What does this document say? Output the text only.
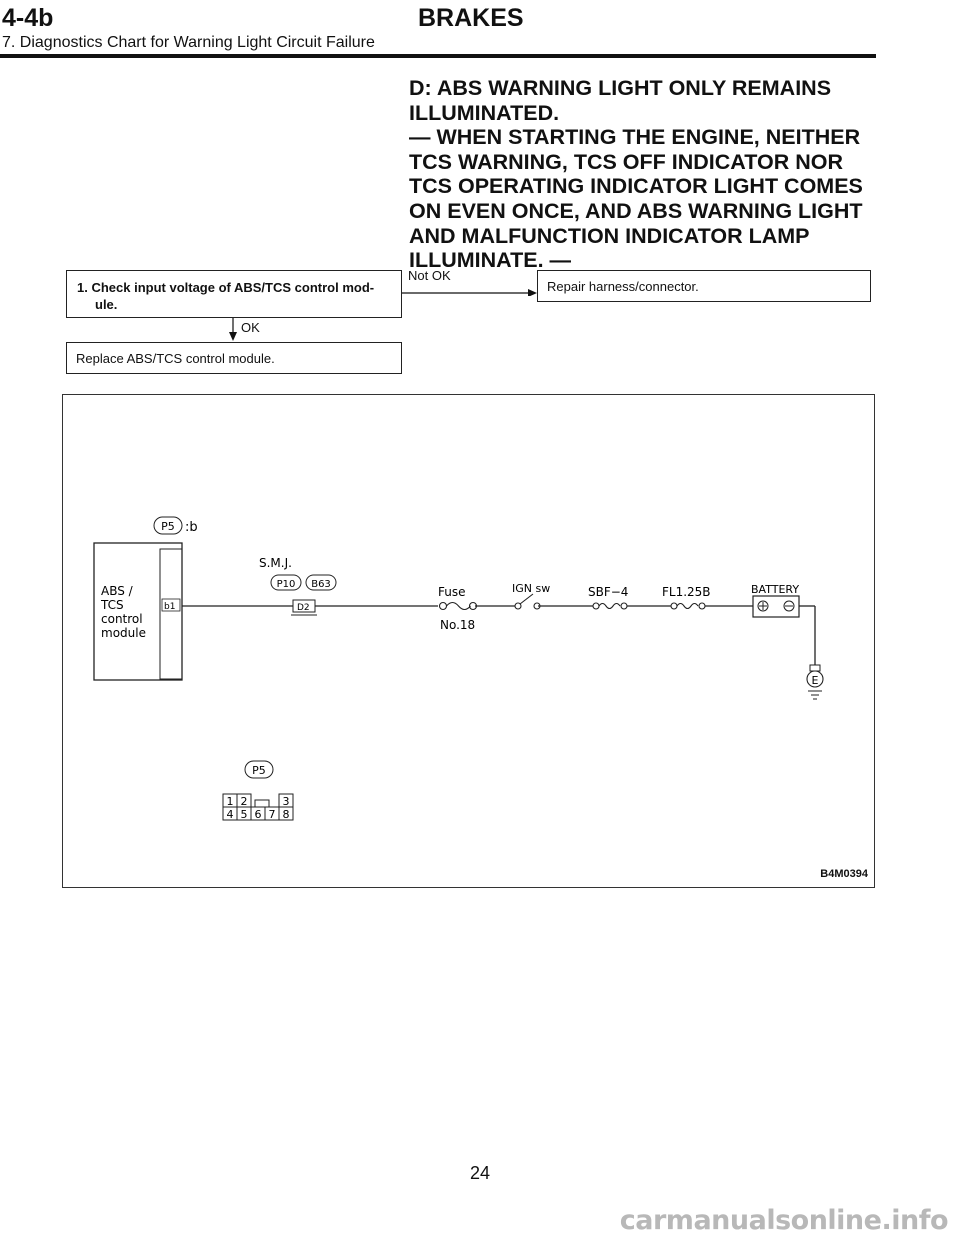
4-4b	BRAKES
7. Diagnostics Chart for Warning Light Circuit Failure
D: ABS WARNING LIGHT ONLY REMAINS
ILLUMINATED.
— WHEN STARTING THE ENGINE, NEITHER
TCS WARNING, TCS OFF INDICATOR NOR
TCS OPERATING INDICATOR LIGHT COMES
ON EVEN ONCE, AND ABS WARNING LIGHT
AND MALFUNCTION INDICATOR LAMP
ILLUMINATE. —
1. Check input voltage of ABS/TCS control mod-
ule.
Not OK
Repair harness/connector.
OK
Replace ABS/TCS control module.
P5 :b
ABS /
TCS
control
module
b1
S.M.J.
P10 B63
D2
Fuse
No.18
IGN sw	SBF−4	FL1.25B	BATTERY
E
P5
1 2	3
4 5 6 7 8
B4M0394
24
carmanualsonline.info
